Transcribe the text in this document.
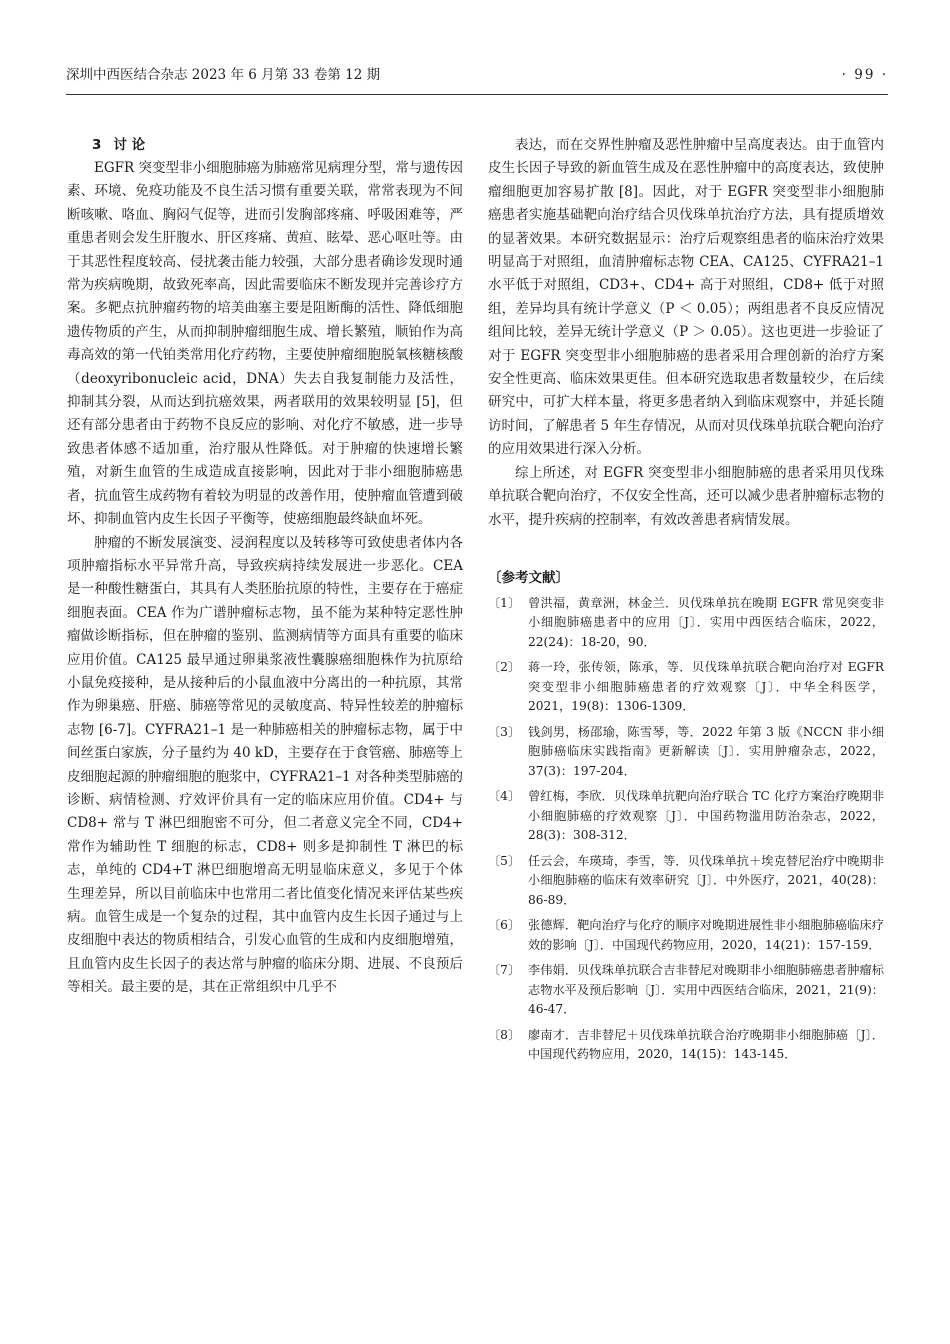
深圳中西医结合杂志 2023 年 6 月第 33 卷第 12 期	· 99 ·
3 讨 论

EGFR 突变型非小细胞肺癌为肺癌常见病理分型，常与遗传因素、环境、免疫功能及不良生活习惯有重要关联，常常表现为不间断咳嗽、咯血、胸闷气促等，进而引发胸部疼痛、呼吸困难等，严重患者则会发生肝腹水、肝区疼痛、黄疸、眩晕、恶心呕吐等。由于其恶性程度较高、侵扰袭击能力较强，大部分患者确诊发现时通常为疾病晚期，故致死率高，因此需要临床不断发现并完善诊疗方案。多靶点抗肿瘤药物的培美曲塞主要是阻断酶的活性、降低细胞遗传物质的产生，从而抑制肿瘤细胞生成、增长繁殖，顺铂作为高毒高效的第一代铂类常用化疗药物，主要使肿瘤细胞脱氧核糖核酸（deoxyribonucleic acid，DNA）失去自我复制能力及活性，抑制其分裂，从而达到抗癌效果，两者联用的效果较明显 [5]，但还有部分患者由于药物不良反应的影响、对化疗不敏感，进一步导致患者体感不适加重，治疗服从性降低。对于肿瘤的快速增长繁殖，对新生血管的生成造成直接影响，因此对于非小细胞肺癌患者，抗血管生成药物有着较为明显的改善作用，使肿瘤血管遭到破坏、抑制血管内皮生长因子平衡等，使癌细胞最终缺血坏死。

肿瘤的不断发展演变、浸润程度以及转移等可致使患者体内各项肿瘤指标水平异常升高，导致疾病持续发展进一步恶化。CEA 是一种酸性糖蛋白，其具有人类胚胎抗原的特性，主要存在于癌症细胞表面。CEA 作为广谱肿瘤标志物，虽不能为某种特定恶性肿瘤做诊断指标，但在肿瘤的鉴别、监测病情等方面具有重要的临床应用价值。CA125 最早通过卵巢浆液性囊腺癌细胞株作为抗原给小鼠免疫接种，是从接种后的小鼠血液中分离出的一种抗原，其常作为卵巢癌、肝癌、肺癌等常见的灵敏度高、特异性较差的肿瘤标志物 [6-7]。CYFRA21–1 是一种肺癌相关的肿瘤标志物，属于中间丝蛋白家族，分子量约为 40 kD，主要存在于食管癌、肺癌等上皮细胞起源的肿瘤细胞的胞浆中，CYFRA21–1 对各种类型肺癌的诊断、病情检测、疗效评价具有一定的临床应用价值。CD4+ 与 CD8+ 常与 T 淋巴细胞密不可分，但二者意义完全不同，CD4+ 常作为辅助性 T 细胞的标志，CD8+ 则多是抑制性 T 淋巴的标志，单纯的 CD4+T 淋巴细胞增高无明显临床意义，多见于个体生理差异，所以目前临床中也常用二者比值变化情况来评估某些疾病。血管生成是一个复杂的过程，其中血管内皮生长因子通过与上皮细胞中表达的物质相结合，引发心血管的生成和内皮细胞增殖，且血管内皮生长因子的表达常与肿瘤的临床分期、进展、不良预后等相关。最主要的是，其在正常组织中几乎不

表达，而在交界性肿瘤及恶性肿瘤中呈高度表达。由于血管内皮生长因子导致的新血管生成及在恶性肿瘤中的高度表达，致使肿瘤细胞更加容易扩散 [8]。因此，对于 EGFR 突变型非小细胞肺癌患者实施基础靶向治疗结合贝伐珠单抗治疗方法，具有提质增效的显著效果。本研究数据显示：治疗后观察组患者的临床治疗效果明显高于对照组，血清肿瘤标志物 CEA、CA125、CYFRA21–1 水平低于对照组，CD3+、CD4+ 高于对照组，CD8+ 低于对照组，差异均具有统计学意义（P ＜ 0.05）；两组患者不良反应情况组间比较，差异无统计学意义（P ＞ 0.05）。这也更进一步验证了对于 EGFR 突变型非小细胞肺癌的患者采用合理创新的治疗方案安全性更高、临床效果更佳。但本研究选取患者数量较少，在后续研究中，可扩大样本量，将更多患者纳入到临床观察中，并延长随访时间，了解患者 5 年生存情况，从而对贝伐珠单抗联合靶向治疗的应用效果进行深入分析。

综上所述，对 EGFR 突变型非小细胞肺癌的患者采用贝伐珠单抗联合靶向治疗，不仅安全性高，还可以减少患者肿瘤标志物的水平，提升疾病的控制率，有效改善患者病情发展。

〔参考文献〕
〔1〕 曾洪福，黄章洲，林金兰．贝伐珠单抗在晚期 EGFR 常见突变非小细胞肺癌患者中的应用〔J〕．实用中西医结合临床，2022，22(24)：18-20，90．
〔2〕 蒋一玲，张传领，陈承，等．贝伐珠单抗联合靶向治疗对 EGFR 突变型非小细胞肺癌患者的疗效观察〔J〕．中华全科医学，2021，19(8)：1306-1309．
〔3〕 钱剑男，杨邵瑜，陈雪琴，等．2022 年第 3 版《NCCN 非小细胞肺癌临床实践指南》更新解读〔J〕．实用肿瘤杂志，2022，37(3)：197-204．
〔4〕 曾红梅，李欣．贝伐珠单抗靶向治疗联合 TC 化疗方案治疗晚期非小细胞肺癌的疗效观察〔J〕．中国药物滥用防治杂志，2022，28(3)：308-312．
〔5〕 任云会，车瑛琦，李雪，等．贝伐珠单抗＋埃克替尼治疗中晚期非小细胞肺癌的临床有效率研究〔J〕．中外医疗，2021，40(28)：86-89．
〔6〕 张德辉．靶向治疗与化疗的顺序对晚期进展性非小细胞肺癌临床疗效的影响〔J〕．中国现代药物应用，2020，14(21)：157-159．
〔7〕 李伟娟．贝伐珠单抗联合吉非替尼对晚期非小细胞肺癌患者肿瘤标志物水平及预后影响〔J〕．实用中西医结合临床，2021，21(9)：46-47．
〔8〕 廖南才．吉非替尼＋贝伐珠单抗联合治疗晚期非小细胞肺癌〔J〕．中国现代药物应用，2020，14(15)：143-145．
